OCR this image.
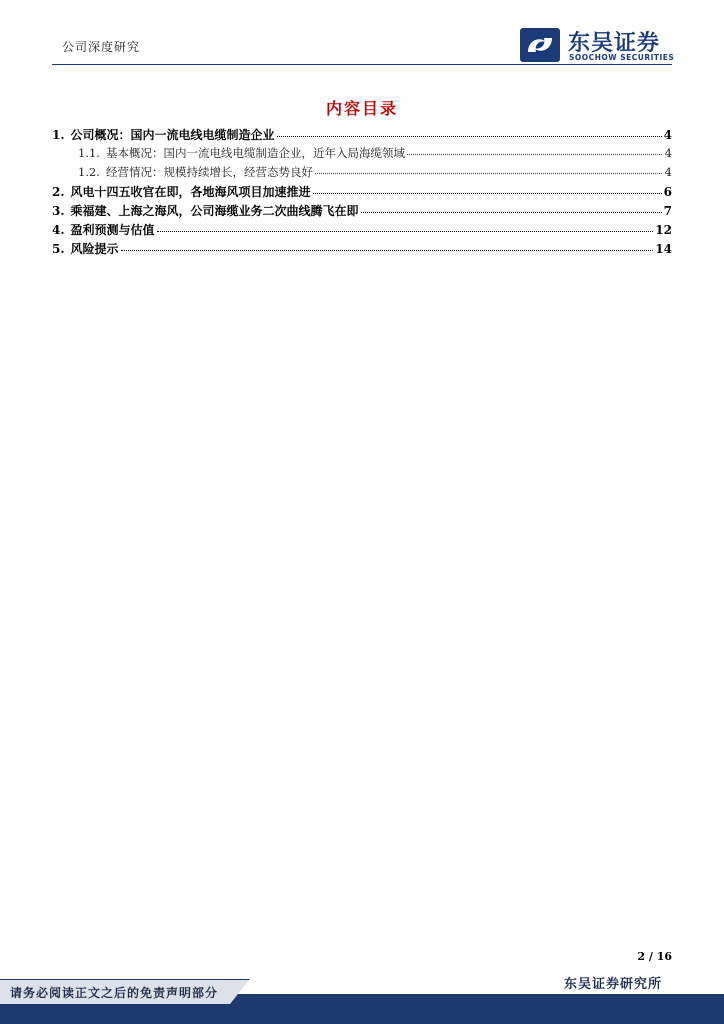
公司深度研究	东吴证券
SOOCHOW SECURITIES
内容目录
1. 公司概况：国内一流电线电缆制造企业	4
1.1. 基本概况：国内一流电线电缆制造企业，近年入局海缆领域	4
1.2. 经营情况：规模持续增长，经营态势良好	4
2. 风电十四五收官在即，各地海风项目加速推进	6
3. 乘福建、上海之海风，公司海缆业务二次曲线腾飞在即	7
4. 盈利预测与估值	12
5. 风险提示	14
2 / 16
东吴证券研究所
请务必阅读正文之后的免责声明部分
